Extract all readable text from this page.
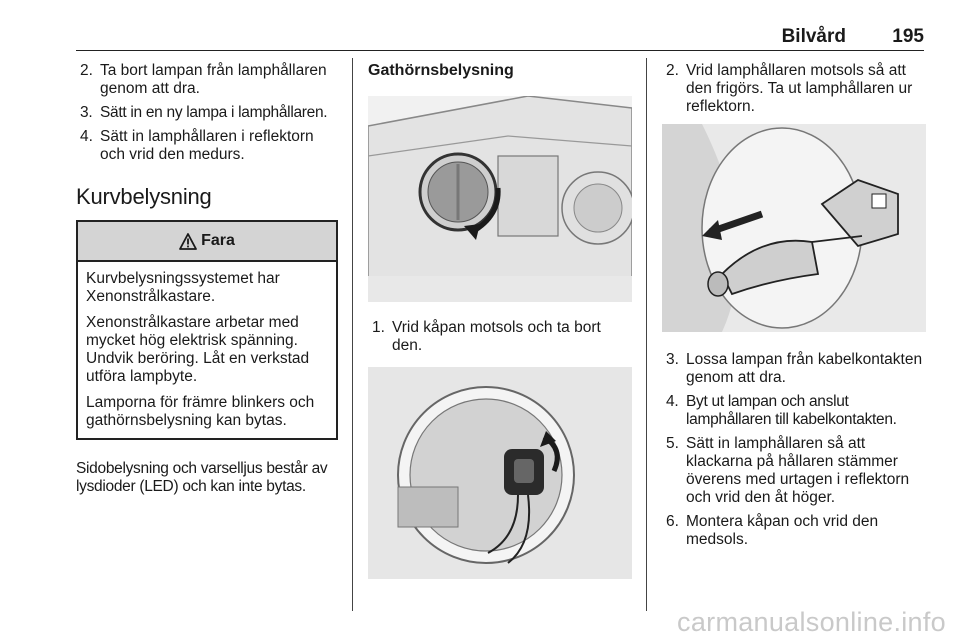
Bilvård 195
2. Ta bort lampan från lamphållaren genom att dra.
3. Sätt in en ny lampa i lamphållaren.
4. Sätt in lamphållaren i reflektorn och vrid den medurs.
Kurvbelysning
Fara

Kurvbelysningssystemet har Xenonstrålkastare.

Xenonstrålkastare arbetar med mycket hög elektrisk spänning. Undvik beröring. Låt en verkstad utföra lampbyte.

Lamporna för främre blinkers och gathörnsbelysning kan bytas.

Sidobelysning och varselljus består av lysdioder (LED) och kan inte bytas.

Gathörnsbelysning
1. Vrid kåpan motsols och ta bort den.
2. Vrid lamphållaren motsols så att den frigörs. Ta ut lamphållaren ur reflektorn.
3. Lossa lampan från kabelkontakten genom att dra.
4. Byt ut lampan och anslut lamphållaren till kabelkontakten.
5. Sätt in lamphållaren så att klackarna på hållaren stämmer överens med urtagen i reflektorn och vrid den åt höger.
6. Montera kåpan och vrid den medsols.
carmanualsonline.info
